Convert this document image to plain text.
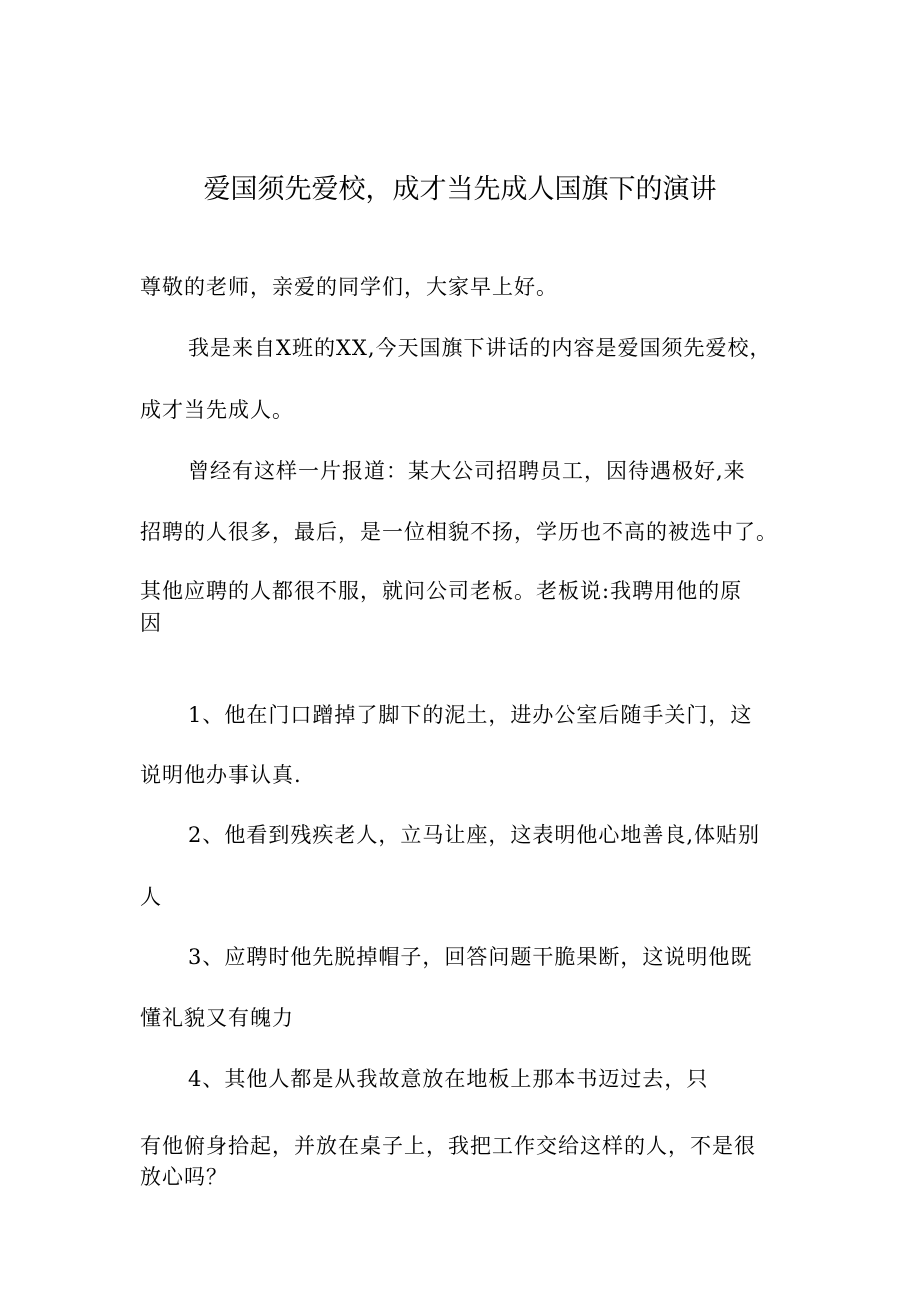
爱国须先爱校，成才当先成人国旗下的演讲
尊敬的老师，亲爱的同学们，大家早上好。
我是来自X班的XX,今天国旗下讲话的内容是爱国须先爱校，
成才当先成人。
曾经有这样一片报道：某大公司招聘员工，因待遇极好,来
招聘的人很多，最后，是一位相貌不扬，学历也不高的被选中了。
其他应聘的人都很不服，就问公司老板。老板说:我聘用他的原
因
1、他在门口蹭掉了脚下的泥土，进办公室后随手关门，这
说明他办事认真.
2、他看到残疾老人，立马让座，这表明他心地善良,体贴别
人
3、应聘时他先脱掉帽子，回答问题干脆果断，这说明他既
懂礼貌又有魄力
4、其他人都是从我故意放在地板上那本书迈过去，只
有他俯身拾起，并放在桌子上，我把工作交给这样的人，不是很
放心吗？
